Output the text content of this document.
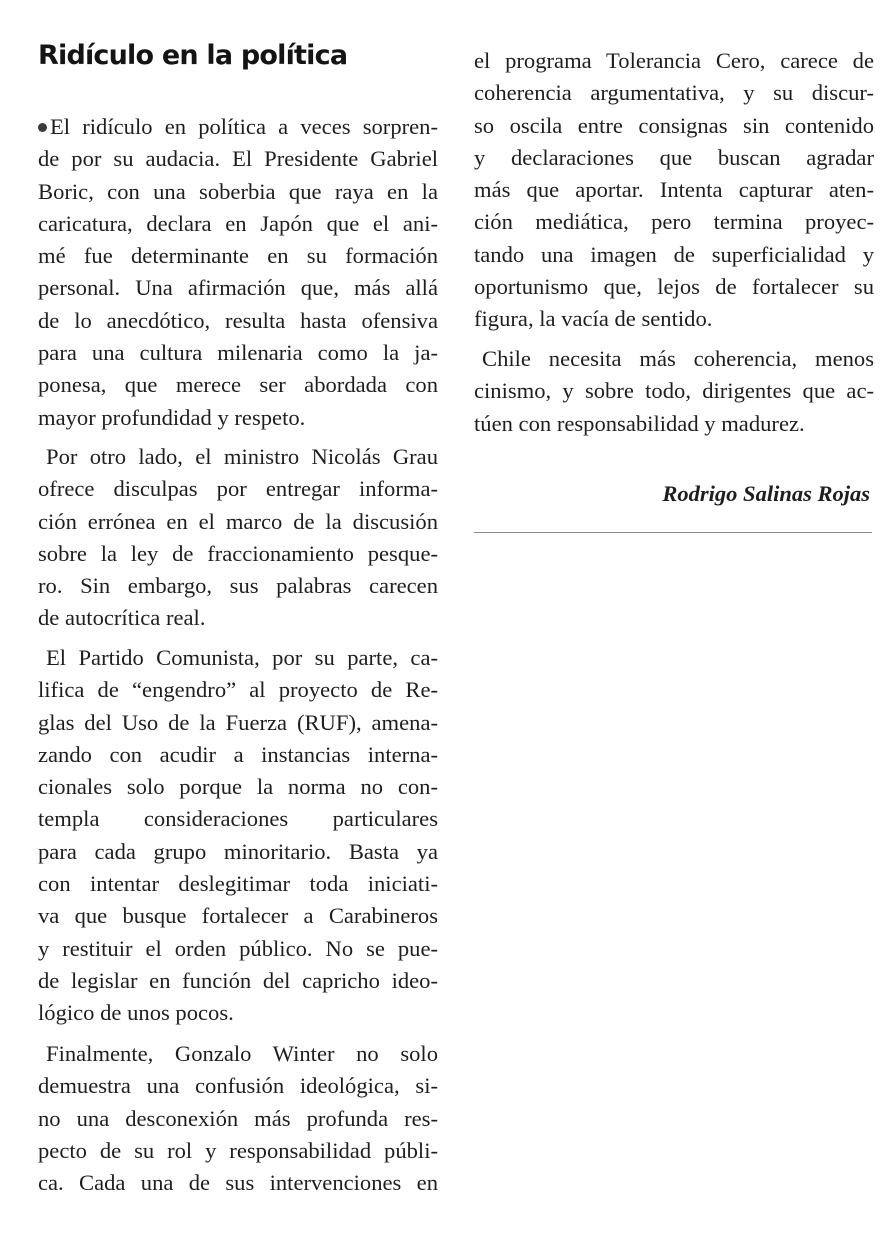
Ridículo en la política
El ridículo en política a veces sorpren-
de por su audacia. El Presidente Gabriel
Boric, con una soberbia que raya en la
caricatura, declara en Japón que el ani-
mé fue determinante en su formación
personal. Una afirmación que, más allá
de lo anecdótico, resulta hasta ofensiva
para una cultura milenaria como la ja-
ponesa, que merece ser abordada con
mayor profundidad y respeto.
Por otro lado, el ministro Nicolás Grau
ofrece disculpas por entregar informa-
ción errónea en el marco de la discusión
sobre la ley de fraccionamiento pesque-
ro. Sin embargo, sus palabras carecen
de autocrítica real.
El Partido Comunista, por su parte, ca-
lifica de “engendro” al proyecto de Re-
glas del Uso de la Fuerza (RUF), amena-
zando con acudir a instancias interna-
cionales solo porque la norma no con-
templa consideraciones particulares
para cada grupo minoritario. Basta ya
con intentar deslegitimar toda iniciati-
va que busque fortalecer a Carabineros
y restituir el orden público. No se pue-
de legislar en función del capricho ideo-
lógico de unos pocos.
Finalmente, Gonzalo Winter no solo
demuestra una confusión ideológica, si-
no una desconexión más profunda res-
pecto de su rol y responsabilidad públi-
ca. Cada una de sus intervenciones en
el programa Tolerancia Cero, carece de
coherencia argumentativa, y su discur-
so oscila entre consignas sin contenido
y declaraciones que buscan agradar
más que aportar. Intenta capturar aten-
ción mediática, pero termina proyec-
tando una imagen de superficialidad y
oportunismo que, lejos de fortalecer su
figura, la vacía de sentido.
Chile necesita más coherencia, menos
cinismo, y sobre todo, dirigentes que ac-
túen con responsabilidad y madurez.
Rodrigo Salinas Rojas
